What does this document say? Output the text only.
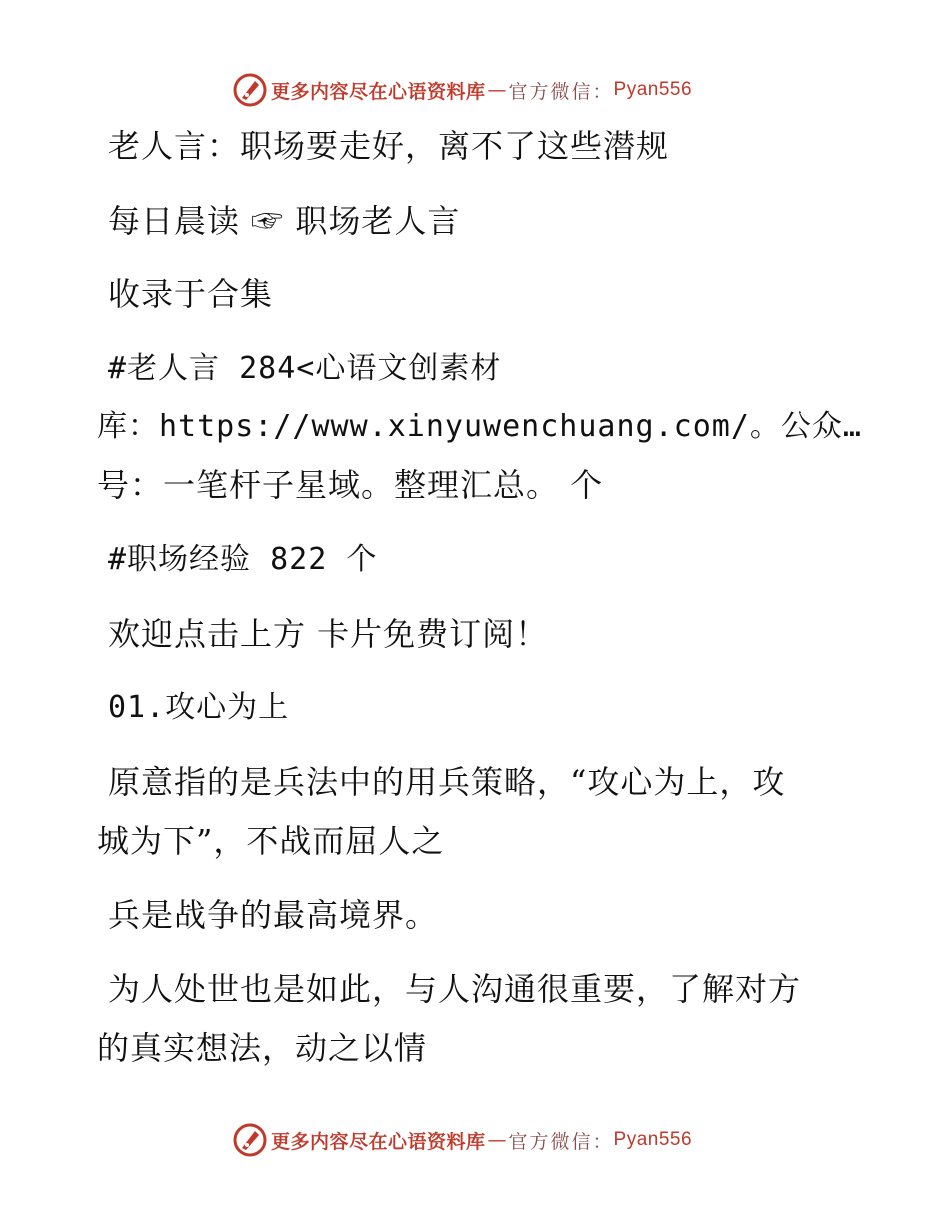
更多内容尽在心语资料库 — 官方微信： Pyan556
老人言：职场要走好，离不了这些潜规
每日晨读 ☞ 职场老人言
收录于合集
#老人言 284<心语文创素材
库：https://www.xinyuwenchuang.com/。公众…
号：一笔杆子星域。整理汇总。 个
#职场经验 822 个
欢迎点击上方 卡片免费订阅！
01.攻心为上
原意指的是兵法中的用兵策略，“攻心为上，攻
城为下”，不战而屈人之
兵是战争的最高境界。
为人处世也是如此，与人沟通很重要，了解对方
的真实想法，动之以情
更多内容尽在心语资料库 — 官方微信： Pyan556
